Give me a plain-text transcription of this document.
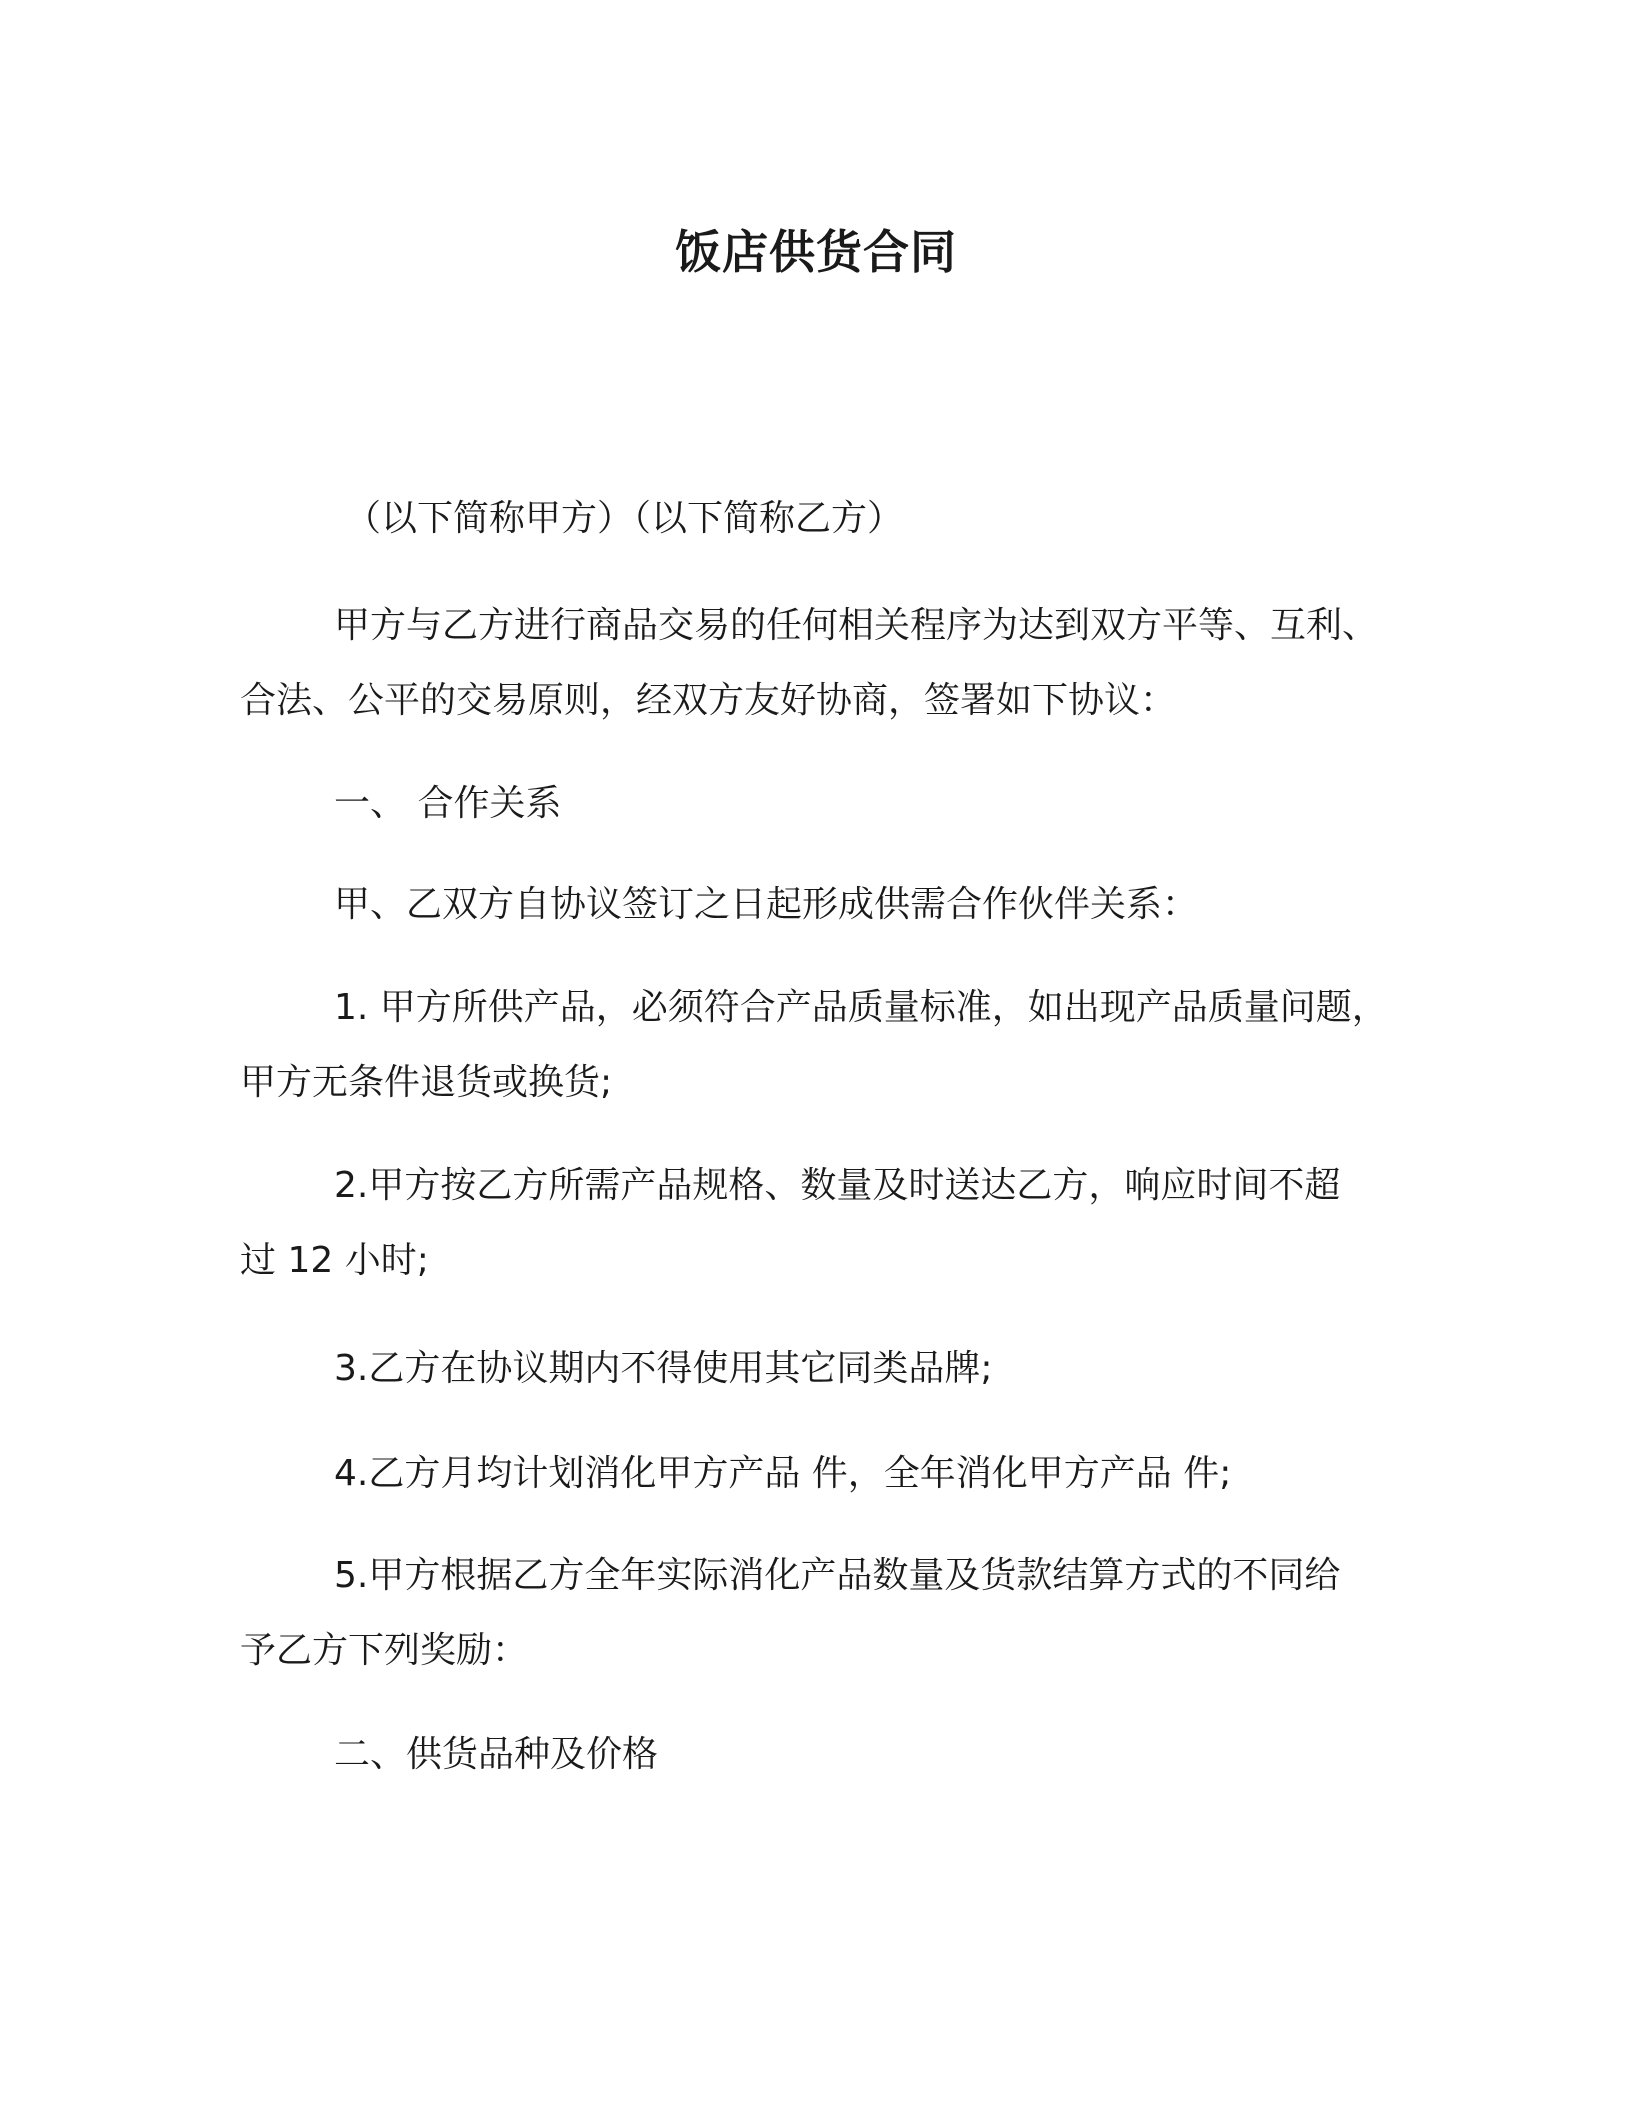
饭店供货合同
（以下简称甲方）（以下简称乙方）
甲方与乙方进行商品交易的任何相关程序为达到双方平等、互利、
合法、公平的交易原则，经双方友好协商，签署如下协议：
一、 合作关系
甲、乙双方自协议签订之日起形成供需合作伙伴关系：
1. 甲方所供产品，必须符合产品质量标准，如出现产品质量问题，
甲方无条件退货或换货;
2.甲方按乙方所需产品规格、数量及时送达乙方，响应时间不超
过 12 小时;
3.乙方在协议期内不得使用其它同类品牌;
4.乙方月均计划消化甲方产品 件，全年消化甲方产品 件;
5.甲方根据乙方全年实际消化产品数量及货款结算方式的不同给
予乙方下列奖励：
二、供货品种及价格
